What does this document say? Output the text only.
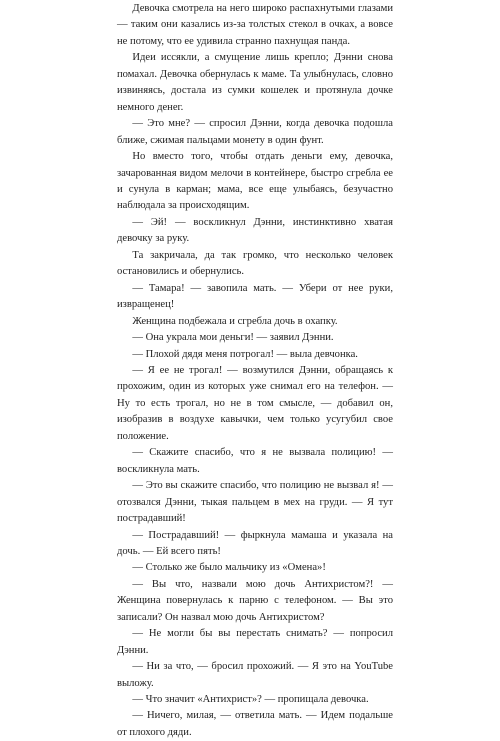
Девочка смотрела на него широко распахнутыми глазами — таким они казались из-за толстых стекол в очках, а вовсе не потому, что ее удивила странно пахнущая панда.

Идеи иссякли, а смущение лишь крепло; Дэнни снова помахал. Девочка обернулась к маме. Та улыбнулась, словно извиняясь, достала из сумки кошелек и протянула дочке немного денег.

— Это мне? — спросил Дэнни, когда девочка подошла ближе, сжимая пальцами монету в один фунт.

Но вместо того, чтобы отдать деньги ему, девочка, зачарованная видом мелочи в контейнере, быстро сгребла ее и сунула в карман; мама, все еще улыбаясь, безучастно наблюдала за происходящим.

— Эй! — воскликнул Дэнни, инстинктивно хватая девочку за руку.

Та закричала, да так громко, что несколько человек остановились и обернулись.

— Тамара! — завопила мать. — Убери от нее руки, извращенец!

Женщина подбежала и сгребла дочь в охапку.

— Она украла мои деньги! — заявил Дэнни.

— Плохой дядя меня потрогал! — выла девчонка.

— Я ее не трогал! — возмутился Дэнни, обращаясь к прохожим, один из которых уже снимал его на телефон. — Ну то есть трогал, но не в том смысле, — добавил он, изобразив в воздухе кавычки, чем только усугубил свое положение.

— Скажите спасибо, что я не вызвала полицию! — воскликнула мать.

— Это вы скажите спасибо, что полицию не вызвал я! — отозвался Дэнни, тыкая пальцем в мех на груди. — Я тут пострадавший!

— Пострадавший! — фыркнула мамаша и указала на дочь. — Ей всего пять!

— Столько же было мальчику из «Омена»!

— Вы что, назвали мою дочь Антихристом?! — Женщина повернулась к парню с телефоном. — Вы это записали? Он назвал мою дочь Антихристом?

— Не могли бы вы перестать снимать? — попросил Дэнни.

— Ни за что, — бросил прохожий. — Я это на YouTube выложу.

— Что значит «Антихрист»? — пропищала девочка.

— Ничего, милая, — ответила мать. — Идем подальше от плохого дяди.
